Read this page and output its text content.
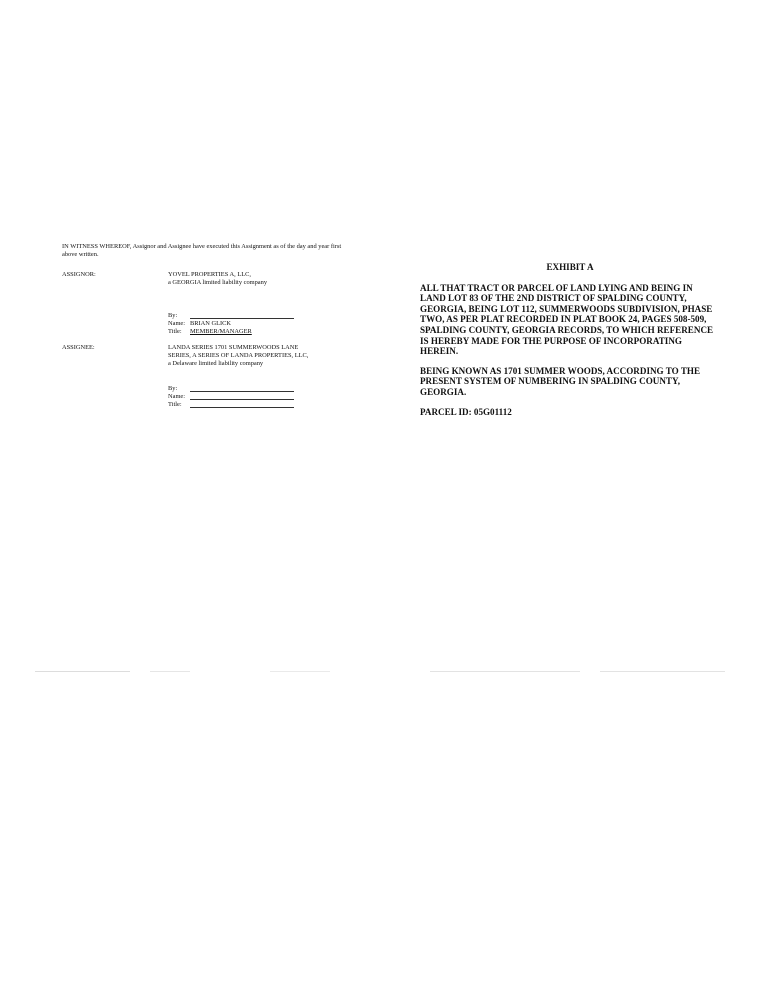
IN WITNESS WHEREOF, Assignor and Assignee have executed this Assignment as of the day and year first above written.

ASSIGNOR:	YOVEL PROPERTIES A, LLC,
a GEORGIA limited liability company
By:
Name: BRIAN GLICK
Title: MEMBER/MANAGER
ASSIGNEE:	LANDA SERIES 1701 SUMMERWOODS LANE
SERIES, A SERIES OF LANDA PROPERTIES, LLC,
a Delaware limited liability company
By:
Name:
Title:

EXHIBIT A

ALL THAT TRACT OR PARCEL OF LAND LYING AND BEING IN LAND LOT 83 OF THE 2ND DISTRICT OF SPALDING COUNTY, GEORGIA, BEING LOT 112, SUMMERWOODS SUBDIVISION, PHASE TWO, AS PER PLAT RECORDED IN PLAT BOOK 24, PAGES 508-509, SPALDING COUNTY, GEORGIA RECORDS, TO WHICH REFERENCE IS HEREBY MADE FOR THE PURPOSE OF INCORPORATING HEREIN.

BEING KNOWN AS 1701 SUMMER WOODS, ACCORDING TO THE PRESENT SYSTEM OF NUMBERING IN SPALDING COUNTY, GEORGIA.

PARCEL ID: 05G01112
